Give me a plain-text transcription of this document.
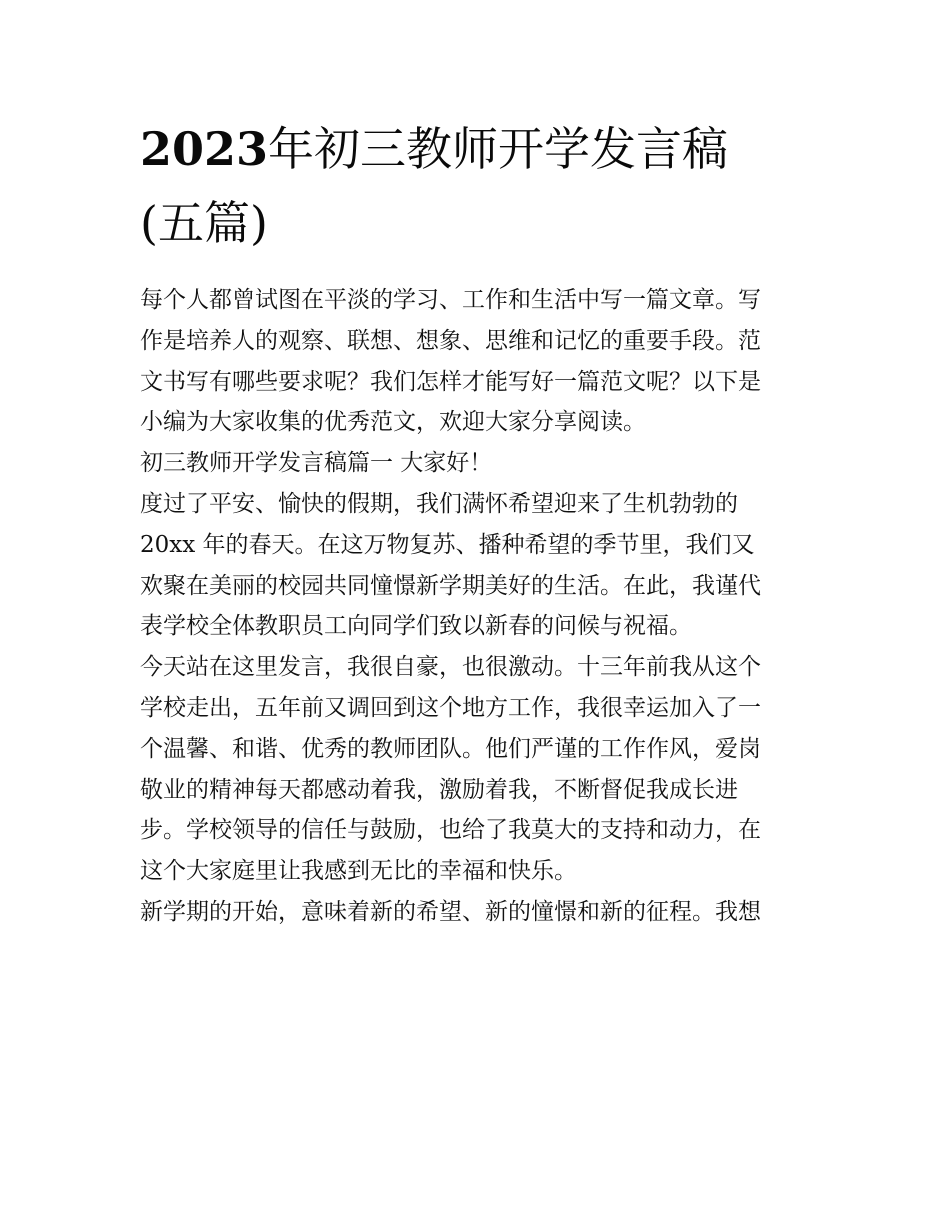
2023年初三教师开学发言稿
(五篇)
每个人都曾试图在平淡的学习、工作和生活中写一篇文章。写
作是培养人的观察、联想、想象、思维和记忆的重要手段。范
文书写有哪些要求呢？我们怎样才能写好一篇范文呢？以下是
小编为大家收集的优秀范文，欢迎大家分享阅读。
初三教师开学发言稿篇一 大家好！
度过了平安、愉快的假期，我们满怀希望迎来了生机勃勃的
20xx 年的春天。在这万物复苏、播种希望的季节里，我们又
欢聚在美丽的校园共同憧憬新学期美好的生活。在此，我谨代
表学校全体教职员工向同学们致以新春的问候与祝福。
今天站在这里发言，我很自豪，也很激动。十三年前我从这个
学校走出，五年前又调回到这个地方工作，我很幸运加入了一
个温馨、和谐、优秀的教师团队。他们严谨的工作作风，爱岗
敬业的精神每天都感动着我，激励着我，不断督促我成长进
步。学校领导的信任与鼓励，也给了我莫大的支持和动力，在
这个大家庭里让我感到无比的幸福和快乐。
新学期的开始，意味着新的希望、新的憧憬和新的征程。我想
